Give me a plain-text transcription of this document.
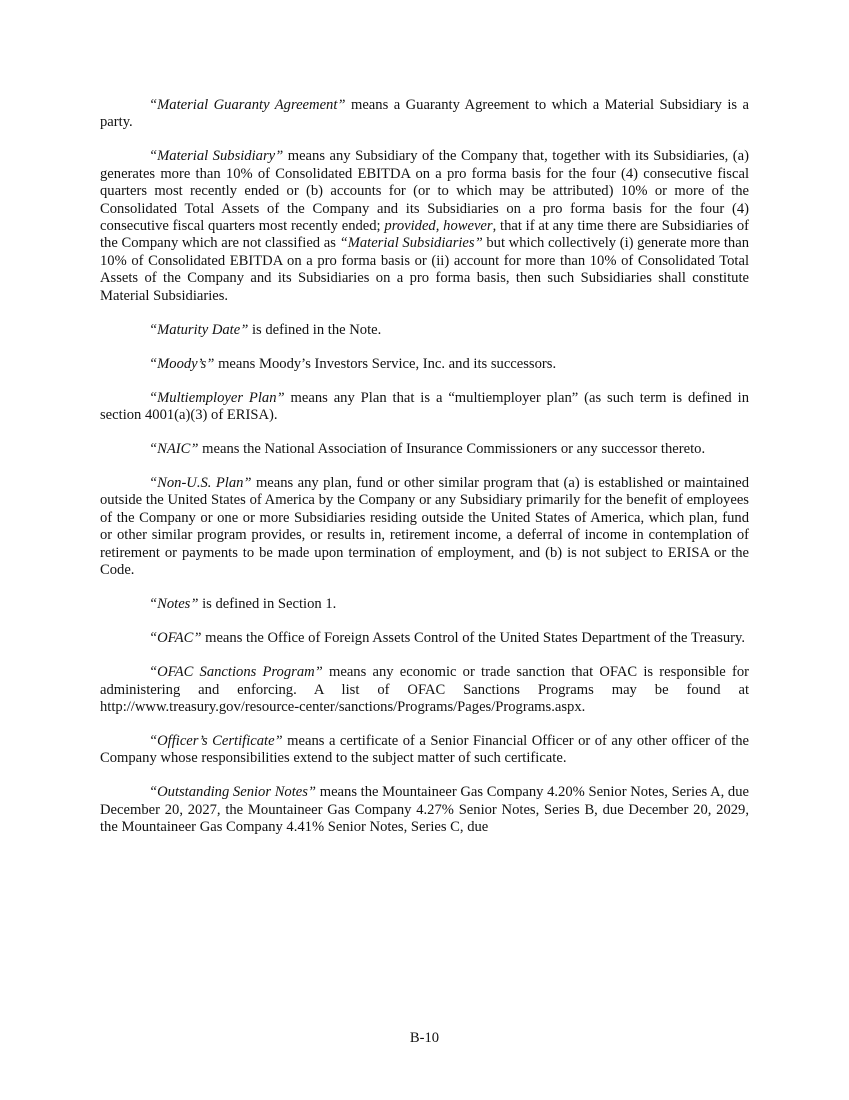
“Material Guaranty Agreement” means a Guaranty Agreement to which a Material Subsidiary is a party.

“Material Subsidiary” means any Subsidiary of the Company that, together with its Subsidiaries, (a) generates more than 10% of Consolidated EBITDA on a pro forma basis for the four (4) consecutive fiscal quarters most recently ended or (b) accounts for (or to which may be attributed) 10% or more of the Consolidated Total Assets of the Company and its Subsidiaries on a pro forma basis for the four (4) consecutive fiscal quarters most recently ended; provided, however, that if at any time there are Subsidiaries of the Company which are not classified as “Material Subsidiaries” but which collectively (i) generate more than 10% of Consolidated EBITDA on a pro forma basis or (ii) account for more than 10% of Consolidated Total Assets of the Company and its Subsidiaries on a pro forma basis, then such Subsidiaries shall constitute Material Subsidiaries.

“Maturity Date” is defined in the Note.

“Moody’s” means Moody’s Investors Service, Inc. and its successors.

“Multiemployer Plan” means any Plan that is a “multiemployer plan” (as such term is defined in section 4001(a)(3) of ERISA).

“NAIC” means the National Association of Insurance Commissioners or any successor thereto.

“Non-U.S. Plan” means any plan, fund or other similar program that (a) is established or maintained outside the United States of America by the Company or any Subsidiary primarily for the benefit of employees of the Company or one or more Subsidiaries residing outside the United States of America, which plan, fund or other similar program provides, or results in, retirement income, a deferral of income in contemplation of retirement or payments to be made upon termination of employment, and (b) is not subject to ERISA or the Code.

“Notes” is defined in Section 1.

“OFAC” means the Office of Foreign Assets Control of the United States Department of the Treasury.

“OFAC Sanctions Program” means any economic or trade sanction that OFAC is responsible for administering and enforcing. A list of OFAC Sanctions Programs may be found at http://www.treasury.gov/resource-center/sanctions/Programs/Pages/Programs.aspx.

“Officer’s Certificate” means a certificate of a Senior Financial Officer or of any other officer of the Company whose responsibilities extend to the subject matter of such certificate.

“Outstanding Senior Notes” means the Mountaineer Gas Company 4.20% Senior Notes, Series A, due December 20, 2027, the Mountaineer Gas Company 4.27% Senior Notes, Series B, due December 20, 2029, the Mountaineer Gas Company 4.41% Senior Notes, Series C, due

B-10
